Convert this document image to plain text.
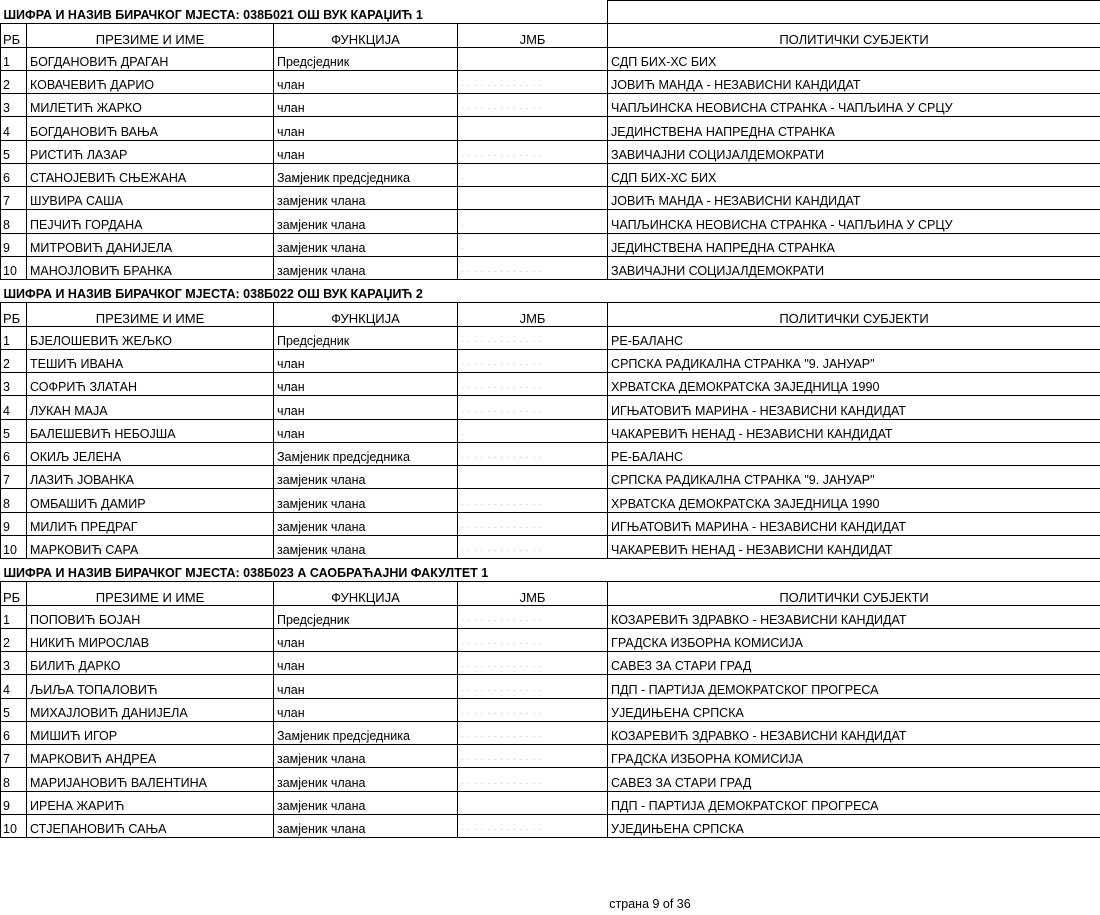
ШИФРА И НАЗИВ БИРАЧКОГ МЈЕСТА: 038Б021 ОШ ВУК КАРАЏИЋ 1				
РБ	ПРЕЗИМЕ И ИМЕ	ФУНКЦИЈА	ЈМБ	ПОЛИТИЧКИ СУБЈЕКТИ
1	БОГДАНОВИЋ ДРАГАН	Предсједник		СДП БИХ-ХС БИХ
2	КОВАЧЕВИЋ ДАРИО	члан	· · · · · · · · · · · · ·	ЈОВИЋ МАНДА - НЕЗАВИСНИ КАНДИДАТ
3	МИЛЕТИЋ ЖАРКО	члан	· · · · · · · · · · · · ·	ЧАПЉИНСКА НЕОВИСНА СТРАНКА - ЧАПЉИНА У СРЦУ
4	БОГДАНОВИЋ ВАЊА	члан		ЈЕДИНСТВЕНА НАПРЕДНА СТРАНКА
5	РИСТИЋ ЛАЗАР	члан	· · · · · · · · · · · · ·	ЗАВИЧАЈНИ СОЦИЈАЛДЕМОКРАТИ
6	СТАНОЈЕВИЋ СЊЕЖАНА	Замјеник предсједника	·	СДП БИХ-ХС БИХ
7	ШУВИРА САША	замјеник члана		ЈОВИЋ МАНДА - НЕЗАВИСНИ КАНДИДАТ
8	ПЕЈЧИЋ ГОРДАНА	замјеник члана	·	ЧАПЉИНСКА НЕОВИСНА СТРАНКА - ЧАПЉИНА У СРЦУ
9	МИТРОВИЋ ДАНИЈЕЛА	замјеник члана	·	ЈЕДИНСТВЕНА НАПРЕДНА СТРАНКА
10	МАНОЈЛОВИЋ БРАНКА	замјеник члана	· · · · · · · · · · · · ·	ЗАВИЧАЈНИ СОЦИЈАЛДЕМОКРАТИ
ШИФРА И НАЗИВ БИРАЧКОГ МЈЕСТА: 038Б022 ОШ ВУК КАРАЏИЋ 2				
РБ	ПРЕЗИМЕ И ИМЕ	ФУНКЦИЈА	ЈМБ	ПОЛИТИЧКИ СУБЈЕКТИ
1	БЈЕЛОШЕВИЋ ЖЕЉКО	Предсједник	· · · · · · · · · · · · ·	РЕ-БАЛАНС
2	ТЕШИЋ ИВАНА	члан	· · · · · · · · · · · · ·	СРПСКА РАДИКАЛНА СТРАНКА "9. ЈАНУАР"
3	СОФРИЋ ЗЛАТАН	члан	· · · · · · · · · · · · ·	ХРВАТСКА ДЕМОКРАТСКА ЗАЈЕДНИЦА 1990
4	ЛУКАН МАЈА	члан	· · · · · · · · · · · · ·	ИГЊАТОВИЋ МАРИНА - НЕЗАВИСНИ КАНДИДАТ
5	БАЛЕШЕВИЋ НЕБОЈША	члан	·	ЧАКАРЕВИЋ НЕНАД - НЕЗАВИСНИ КАНДИДАТ
6	ОКИЉ ЈЕЛЕНА	Замјеник предсједника	· · · · · · · · · · · · ·	РЕ-БАЛАНС
7	ЛАЗИЋ ЈОВАНКА	замјеник члана		СРПСКА РАДИКАЛНА СТРАНКА "9. ЈАНУАР"
8	ОМБАШИЋ ДАМИР	замјеник члана	· · · · · · · · · · · · ·	ХРВАТСКА ДЕМОКРАТСКА ЗАЈЕДНИЦА 1990
9	МИЛИЋ ПРЕДРАГ	замјеник члана	· · · · · · · · · · · · ·	ИГЊАТОВИЋ МАРИНА - НЕЗАВИСНИ КАНДИДАТ
10	МАРКОВИЋ САРА	замјеник члана	· · · · · · · · · · · · ·	ЧАКАРЕВИЋ НЕНАД - НЕЗАВИСНИ КАНДИДАТ
ШИФРА И НАЗИВ БИРАЧКОГ МЈЕСТА: 038Б023 А САОБРАЋАЈНИ ФАКУЛТЕТ 1				
РБ	ПРЕЗИМЕ И ИМЕ	ФУНКЦИЈА	ЈМБ	ПОЛИТИЧКИ СУБЈЕКТИ
1	ПОПОВИЋ БОЈАН	Предсједник	· · · · · · · · · · · · ·	КОЗАРЕВИЋ ЗДРАВКО - НЕЗАВИСНИ КАНДИДАТ
2	НИКИЋ МИРОСЛАВ	члан	· · · · · · · · · · · · ·	ГРАДСКА ИЗБОРНА КОМИСИЈА
3	БИЛИЋ ДАРКО	члан	· · · · · · · · · · · · ·	САВЕЗ ЗА СТАРИ ГРАД
4	ЉИЉА ТОПАЛОВИЋ	члан	· · · · · · · · · · · · ·	ПДП - ПАРТИЈА ДЕМОКРАТСКОГ ПРОГРЕСА
5	МИХАЈЛОВИЋ ДАНИЈЕЛА	члан	· · · · · · · · · · · · ·	УЈЕДИЊЕНА СРПСКА
6	МИШИЋ ИГОР	Замјеник предсједника	· · · · · · · · · · · · ·	КОЗАРЕВИЋ ЗДРАВКО - НЕЗАВИСНИ КАНДИДАТ
7	МАРКОВИЋ АНДРЕА	замјеник члана	· · · · · · · · · · · · ·	ГРАДСКА ИЗБОРНА КОМИСИЈА
8	МАРИЈАНОВИЋ ВАЛЕНТИНА	замјеник члана	· · · · · · · · · · · · ·	САВЕЗ ЗА СТАРИ ГРАД
9	ИРЕНА ЖАРИЋ	замјеник члана		ПДП - ПАРТИЈА ДЕМОКРАТСКОГ ПРОГРЕСА
10	СТЈЕПАНОВИЋ САЊА	замјеник члана	· · · · · · · · · · · · ·	УЈЕДИЊЕНА СРПСКА
страна 9 of 36
